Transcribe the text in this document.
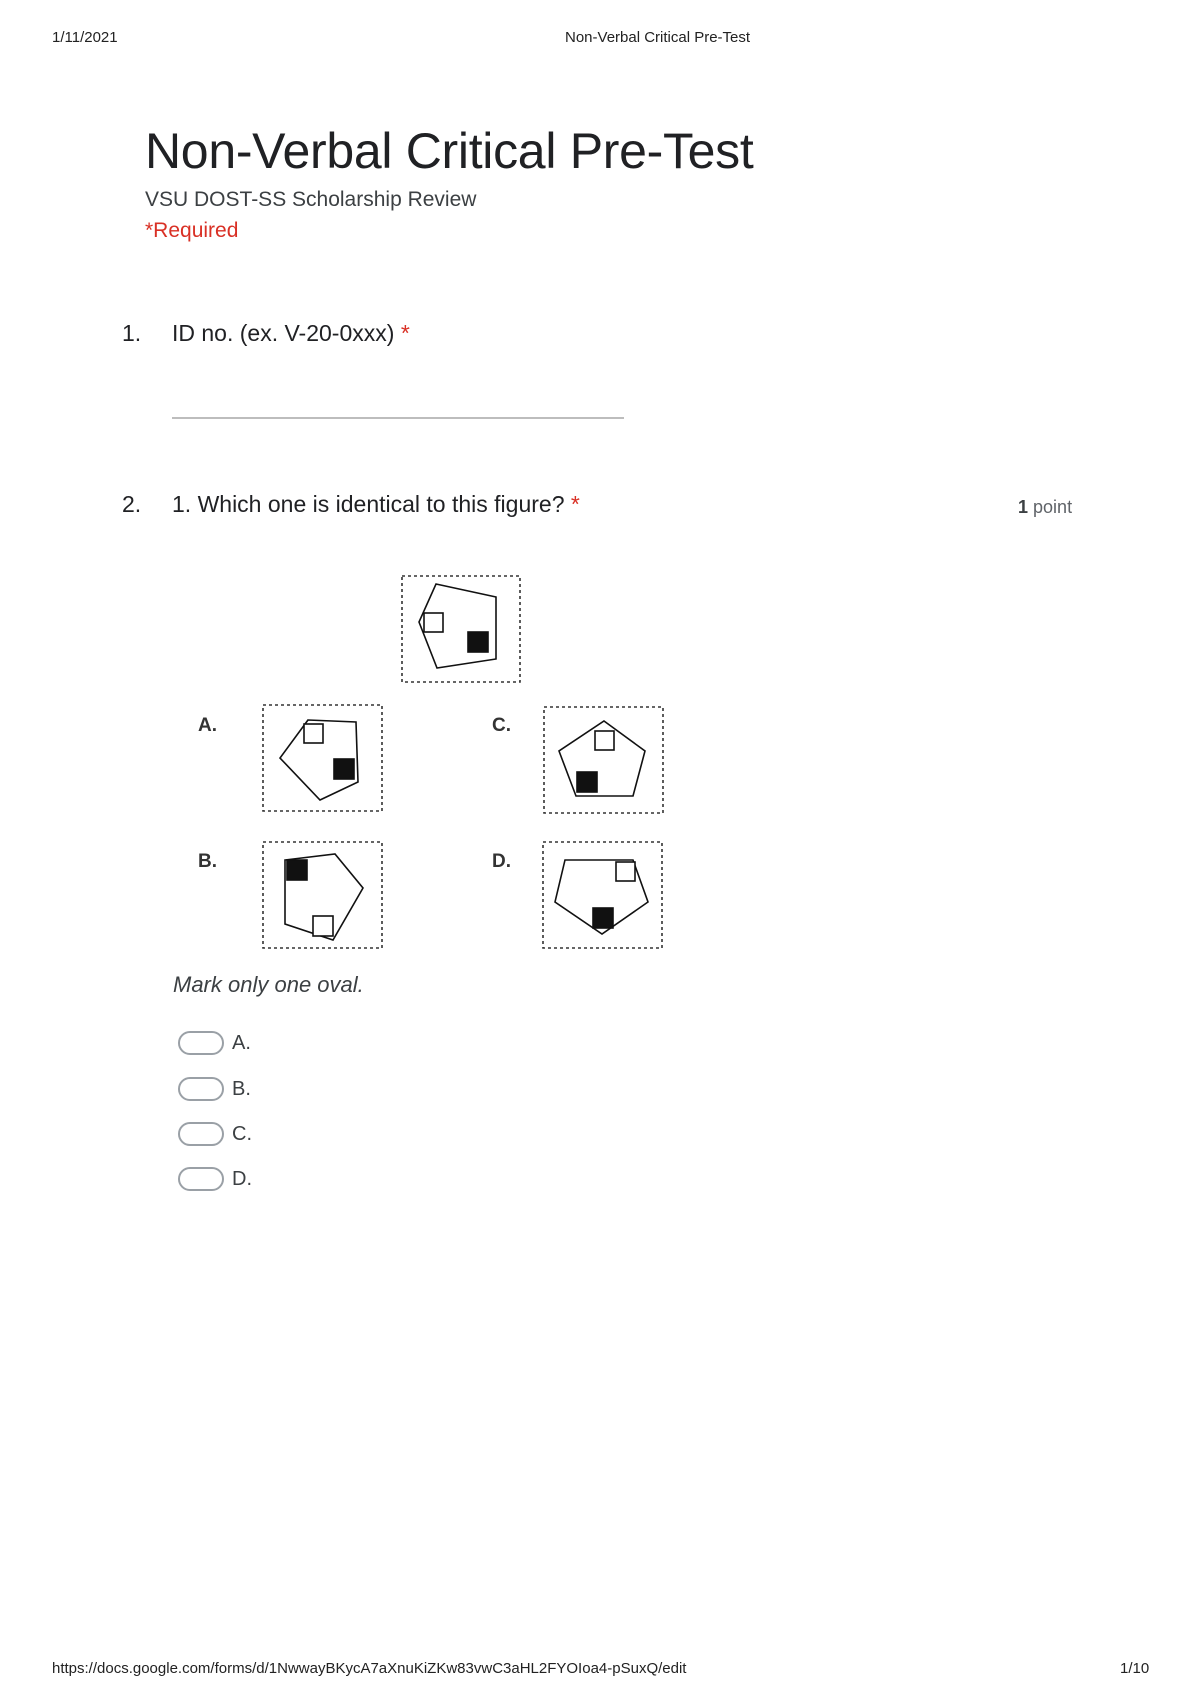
1/11/2021	Non-Verbal Critical Pre-Test
Non-Verbal Critical Pre-Test
VSU DOST-SS Scholarship Review
*Required
1. ID no. (ex. V-20-0xxx) *
2. 1. Which one is identical to this figure? *	1 point
A.	C.
B.	D.
Mark only one oval.
A.
B.
C.
D.
https://docs.google.com/forms/d/1NwwayBKycA7aXnuKiZKw83vwC3aHL2FYOIoa4-pSuxQ/edit	1/10
